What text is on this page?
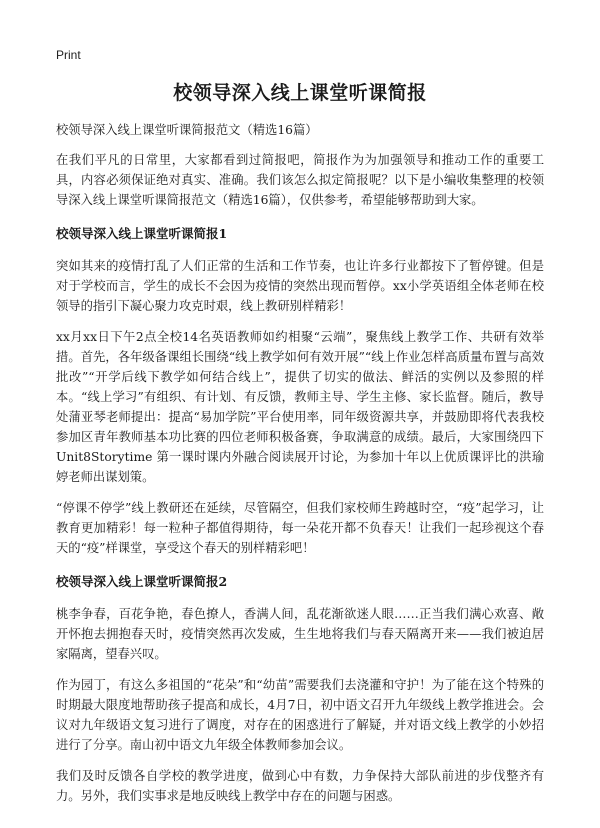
Print
校领导深入线上课堂听课简报
校领导深入线上课堂听课简报范文（精选16篇）

在我们平凡的日常里，大家都看到过简报吧，简报作为为加强领导和推动工作的重要工具，内容必须保证绝对真实、准确。我们该怎么拟定简报呢？以下是小编收集整理的校领导深入线上课堂听课简报范文（精选16篇），仅供参考，希望能够帮助到大家。

校领导深入线上课堂听课简报1

突如其来的疫情打乱了人们正常的生活和工作节奏，也让许多行业都按下了暂停键。但是对于学校而言，学生的成长不会因为疫情的突然出现而暂停。xx小学英语组全体老师在校领导的指引下凝心聚力攻克时艰，线上教研别样精彩！

xx月xx日下午2点全校14名英语教师如约相聚“云端”，聚焦线上教学工作、共研有效举措。首先，各年级备课组长围绕“线上教学如何有效开展”“线上作业怎样高质量布置与高效批改”“开学后线下教学如何结合线上”，提供了切实的做法、鲜活的实例以及参照的样本。“线上学习”有组织、有计划、有反馈，教师主导、学生主修、家长监督。随后，教导处蒲亚琴老师提出：提高“易加学院”平台使用率，同年级资源共享，并鼓励即将代表我校参加区青年教师基本功比赛的四位老师积极备赛，争取满意的成绩。最后，大家围绕四下Unit8Storytime 第一课时课内外融合阅读展开讨论，为参加十年以上优质课评比的洪瑜婷老师出谋划策。

“停课不停学”线上教研还在延续，尽管隔空，但我们家校师生跨越时空，“疫”起学习，让教育更加精彩！每一粒种子都值得期待，每一朵花开都不负春天！让我们一起珍视这个春天的“疫”样课堂，享受这个春天的别样精彩吧！

校领导深入线上课堂听课简报2

桃李争春，百花争艳，春色撩人，香满人间，乱花渐欲迷人眼……正当我们满心欢喜、敞开怀抱去拥抱春天时，疫情突然再次发威，生生地将我们与春天隔离开来——我们被迫居家隔离，望春兴叹。

作为园丁，有这么多祖国的“花朵”和“幼苗”需要我们去浇灌和守护！为了能在这个特殊的时期最大限度地帮助孩子提高和成长，4月7日，初中语文召开九年级线上教学推进会。会议对九年级语文复习进行了调度，对存在的困惑进行了解疑，并对语文线上教学的小妙招进行了分享。南山初中语文九年级全体教师参加会议。

我们及时反馈各自学校的教学进度，做到心中有数，力争保持大部队前进的步伐整齐有力。另外，我们实事求是地反映线上教学中存在的问题与困惑。
